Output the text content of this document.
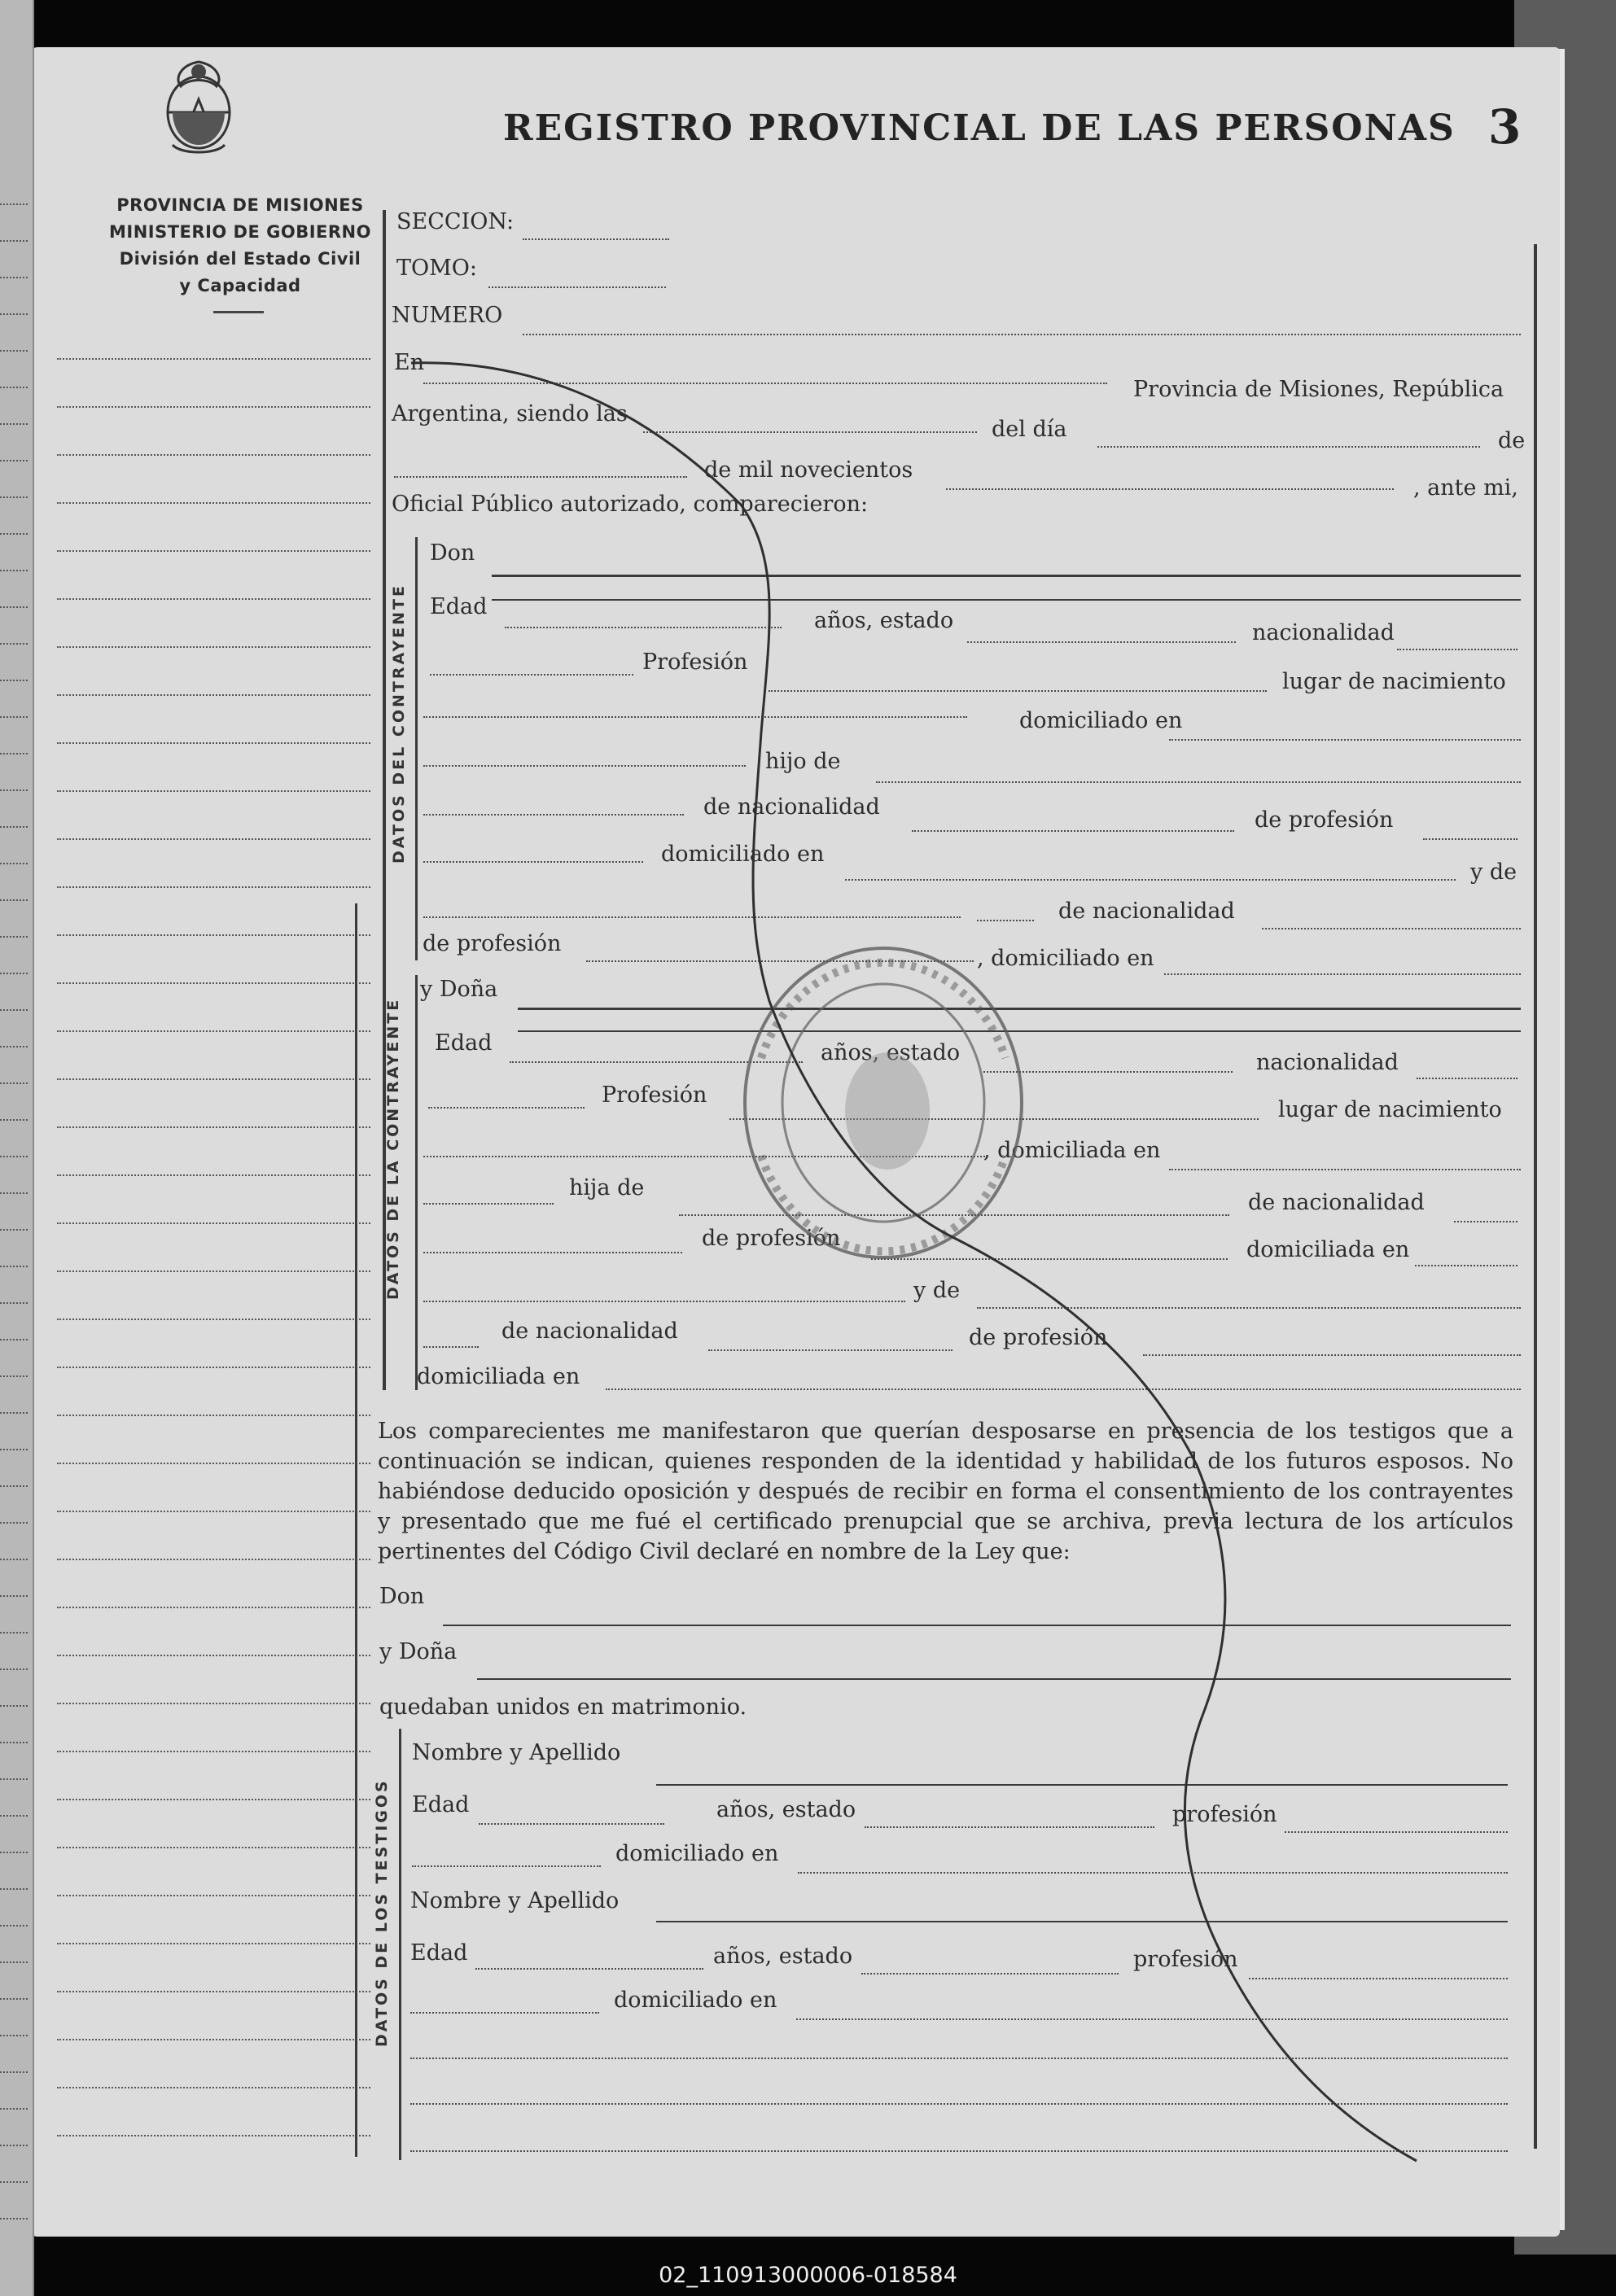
PROVINCIA DE MISIONES
MINISTERIO DE GOBIERNO
División del Estado Civil
y Capacidad
REGISTRO PROVINCIAL DE LAS PERSONAS 3
SECCION:
TOMO:
NUMERO
En
Provincia de Misiones, República
Argentina, siendo las
del día	de
de mil novecientos
, ante mi,
Oficial Público autorizado, comparecieron:
DATOS DEL CONTRAYENTE
Don
Edad
años, estado	nacionalidad
Profesión
lugar de nacimiento
domiciliado en
hijo de
de nacionalidad
de profesión
domiciliado en
y de
de nacionalidad
de profesión
, domiciliado en
DATOS DE LA CONTRAYENTE
y Doña
Edad	años, estado	nacionalidad
Profesión
lugar de nacimiento
, domiciliada en
hija de
de nacionalidad
de profesión	domiciliada en
y de
de nacionalidad	de profesión
domiciliada en
Los comparecientes me manifestaron que querían desposarse en presencia de los testigos que a continuación se indican, quienes responden de la identidad y habilidad de los futuros esposos. No habiéndose deducido oposición y después de recibir en forma el consentimiento de los contrayentes y presentado que me fué el certificado prenupcial que se archiva, previa lectura de los artículos pertinentes del Código Civil declaré en nombre de la Ley que:
Don
y Doña
quedaban unidos en matrimonio.
DATOS DE LOS TESTIGOS
Nombre y Apellido
Edad	años, estado	profesión
domiciliado en
Nombre y Apellido
Edad	años, estado	profesión
domiciliado en
02_110913000006-018584
